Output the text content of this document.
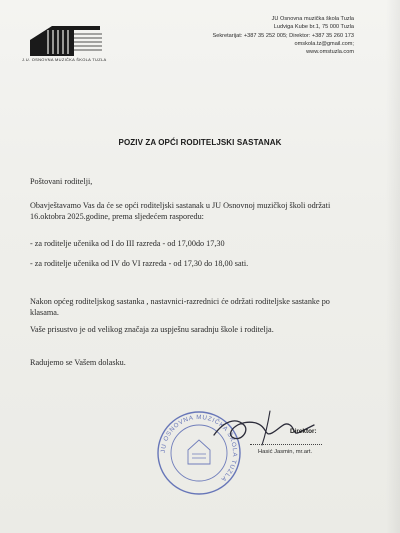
J.U. OSNOVNA MUZIČKA ŠKOLA TUZLA
JU Osnovna muzička škola Tuzla
Ludviga Kube br.1, 75 000 Tuzla
Sekretarijat: +387 35 252 005; Direktor: +387 35 260 173
omskola.tz@gmail.com;
www.omstuzla.com
POZIV ZA OPĆI RODITELJSKI SASTANAK
Poštovani roditelji,
Obavještavamo Vas da će se opći roditeljski sastanak u JU Osnovnoj muzičkoj školi održati 16.oktobra 2025.godine, prema sljedećem rasporedu:
- za roditelje učenika od I do III razreda - od 17,00do 17,30
- za roditelje učenika od IV do VI razreda - od 17,30 do 18,00 sati.
Nakon općeg roditeljskog sastanka , nastavnici-razrednici će održati roditeljske sastanke po klasama.
Vaše prisustvo je od velikog značaja za uspješnu saradnju škole i roditelja.
Radujemo se Vašem dolasku.
JU OSNOVNA MUZIČKA ŠKOLA TUZLA
Direktor:
Hasić Jasmin, mr.art.
